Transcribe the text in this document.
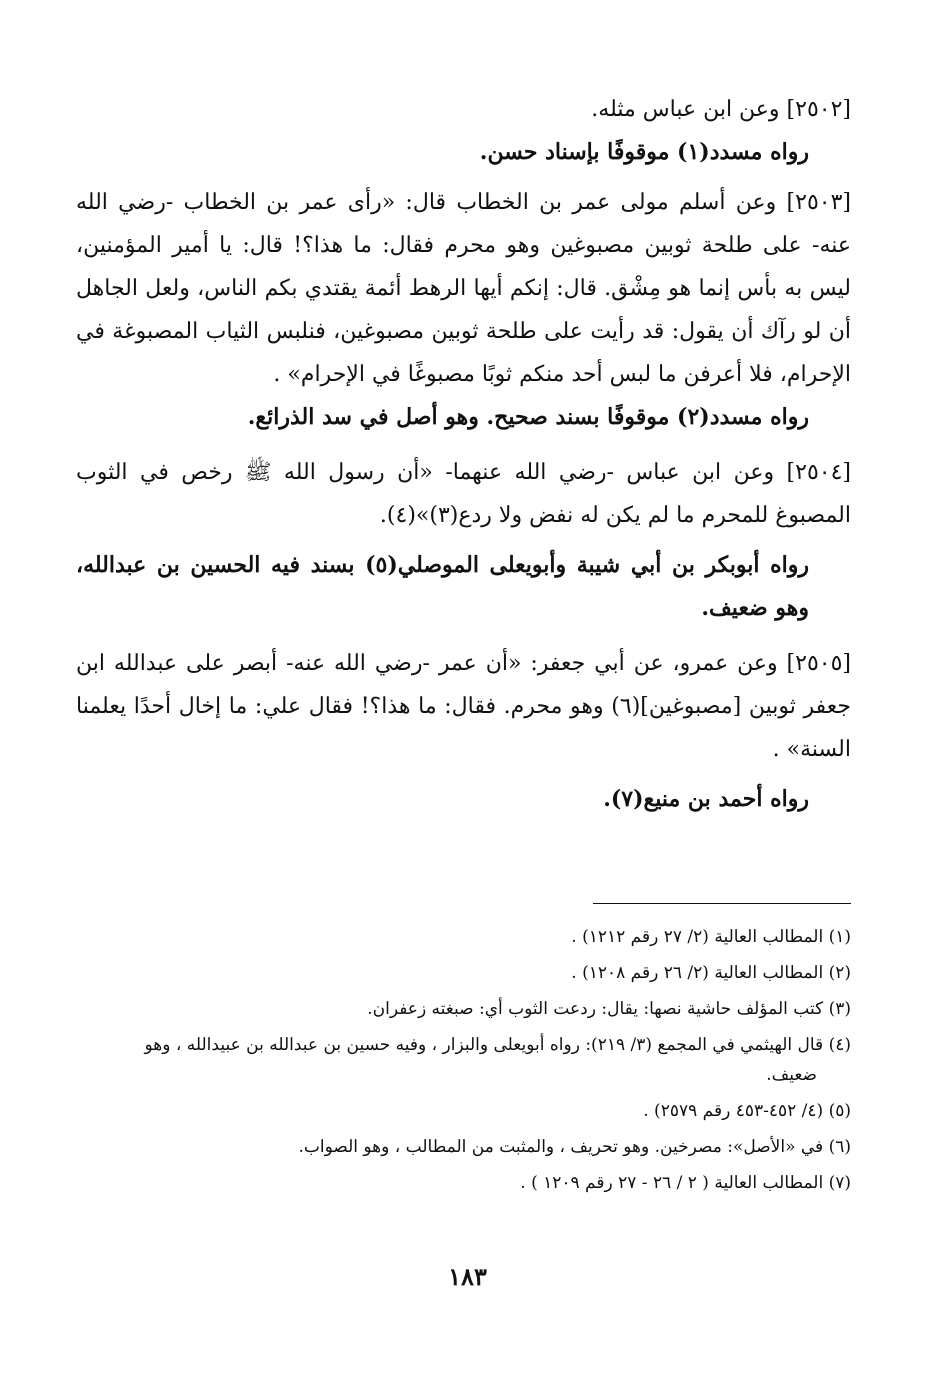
[٢٥٠٢] وعن ابن عباس مثله.

رواه مسدد(١) موقوفًا بإسناد حسن.

[٢٥٠٣] وعن أسلم مولى عمر بن الخطاب قال: «رأى عمر بن الخطاب -رضي الله عنه- على طلحة ثوبين مصبوغين وهو محرم فقال: ما هذا؟! قال: يا أمير المؤمنين، ليس به بأس إنما هو مِشْق. قال: إنكم أيها الرهط أئمة يقتدي بكم الناس، ولعل الجاهل أن لو رآك أن يقول: قد رأيت على طلحة ثوبين مصبوغين، فنلبس الثياب المصبوغة في الإحرام، فلا أعرفن ما لبس أحد منكم ثوبًا مصبوغًا في الإحرام» .

رواه مسدد(٢) موقوفًا بسند صحيح. وهو أصل في سد الذرائع.

[٢٥٠٤] وعن ابن عباس -رضي الله عنهما- «أن رسول الله ﷺ رخص في الثوب المصبوغ للمحرم ما لم يكن له نفض ولا ردع(٣)»(٤).

رواه أبوبكر بن أبي شيبة وأبويعلى الموصلي(٥) بسند فيه الحسين بن عبدالله، وهو ضعيف.

[٢٥٠٥] وعن عمرو، عن أبي جعفر: «أن عمر -رضي الله عنه- أبصر على عبدالله ابن جعفر ثوبين [مصبوغين](٦) وهو محرم. فقال: ما هذا؟! فقال علي: ما إخال أحدًا يعلمنا السنة» .

رواه أحمد بن منيع(٧).

(١) المطالب العالية (٢/ ٢٧ رقم ١٢١٢) .

(٢) المطالب العالية (٢/ ٢٦ رقم ١٢٠٨) .

(٣) كتب المؤلف حاشية نصها: يقال: ردعت الثوب أي: صبغته زعفران.

(٤) قال الهيثمي في المجمع (٣/ ٢١٩): رواه أبويعلى والبزار ، وفيه حسين بن عبدالله بن عبيدالله ، وهو
ضعيف.

(٥) (٤/ ٤٥٢-٤٥٣ رقم ٢٥٧٩) .

(٦) في «الأصل»: مصرخين. وهو تحريف ، والمثبت من المطالب ، وهو الصواب.

(٧) المطالب العالية ( ٢ / ٢٦ - ٢٧ رقم ١٢٠٩ ) .

١٨٣
